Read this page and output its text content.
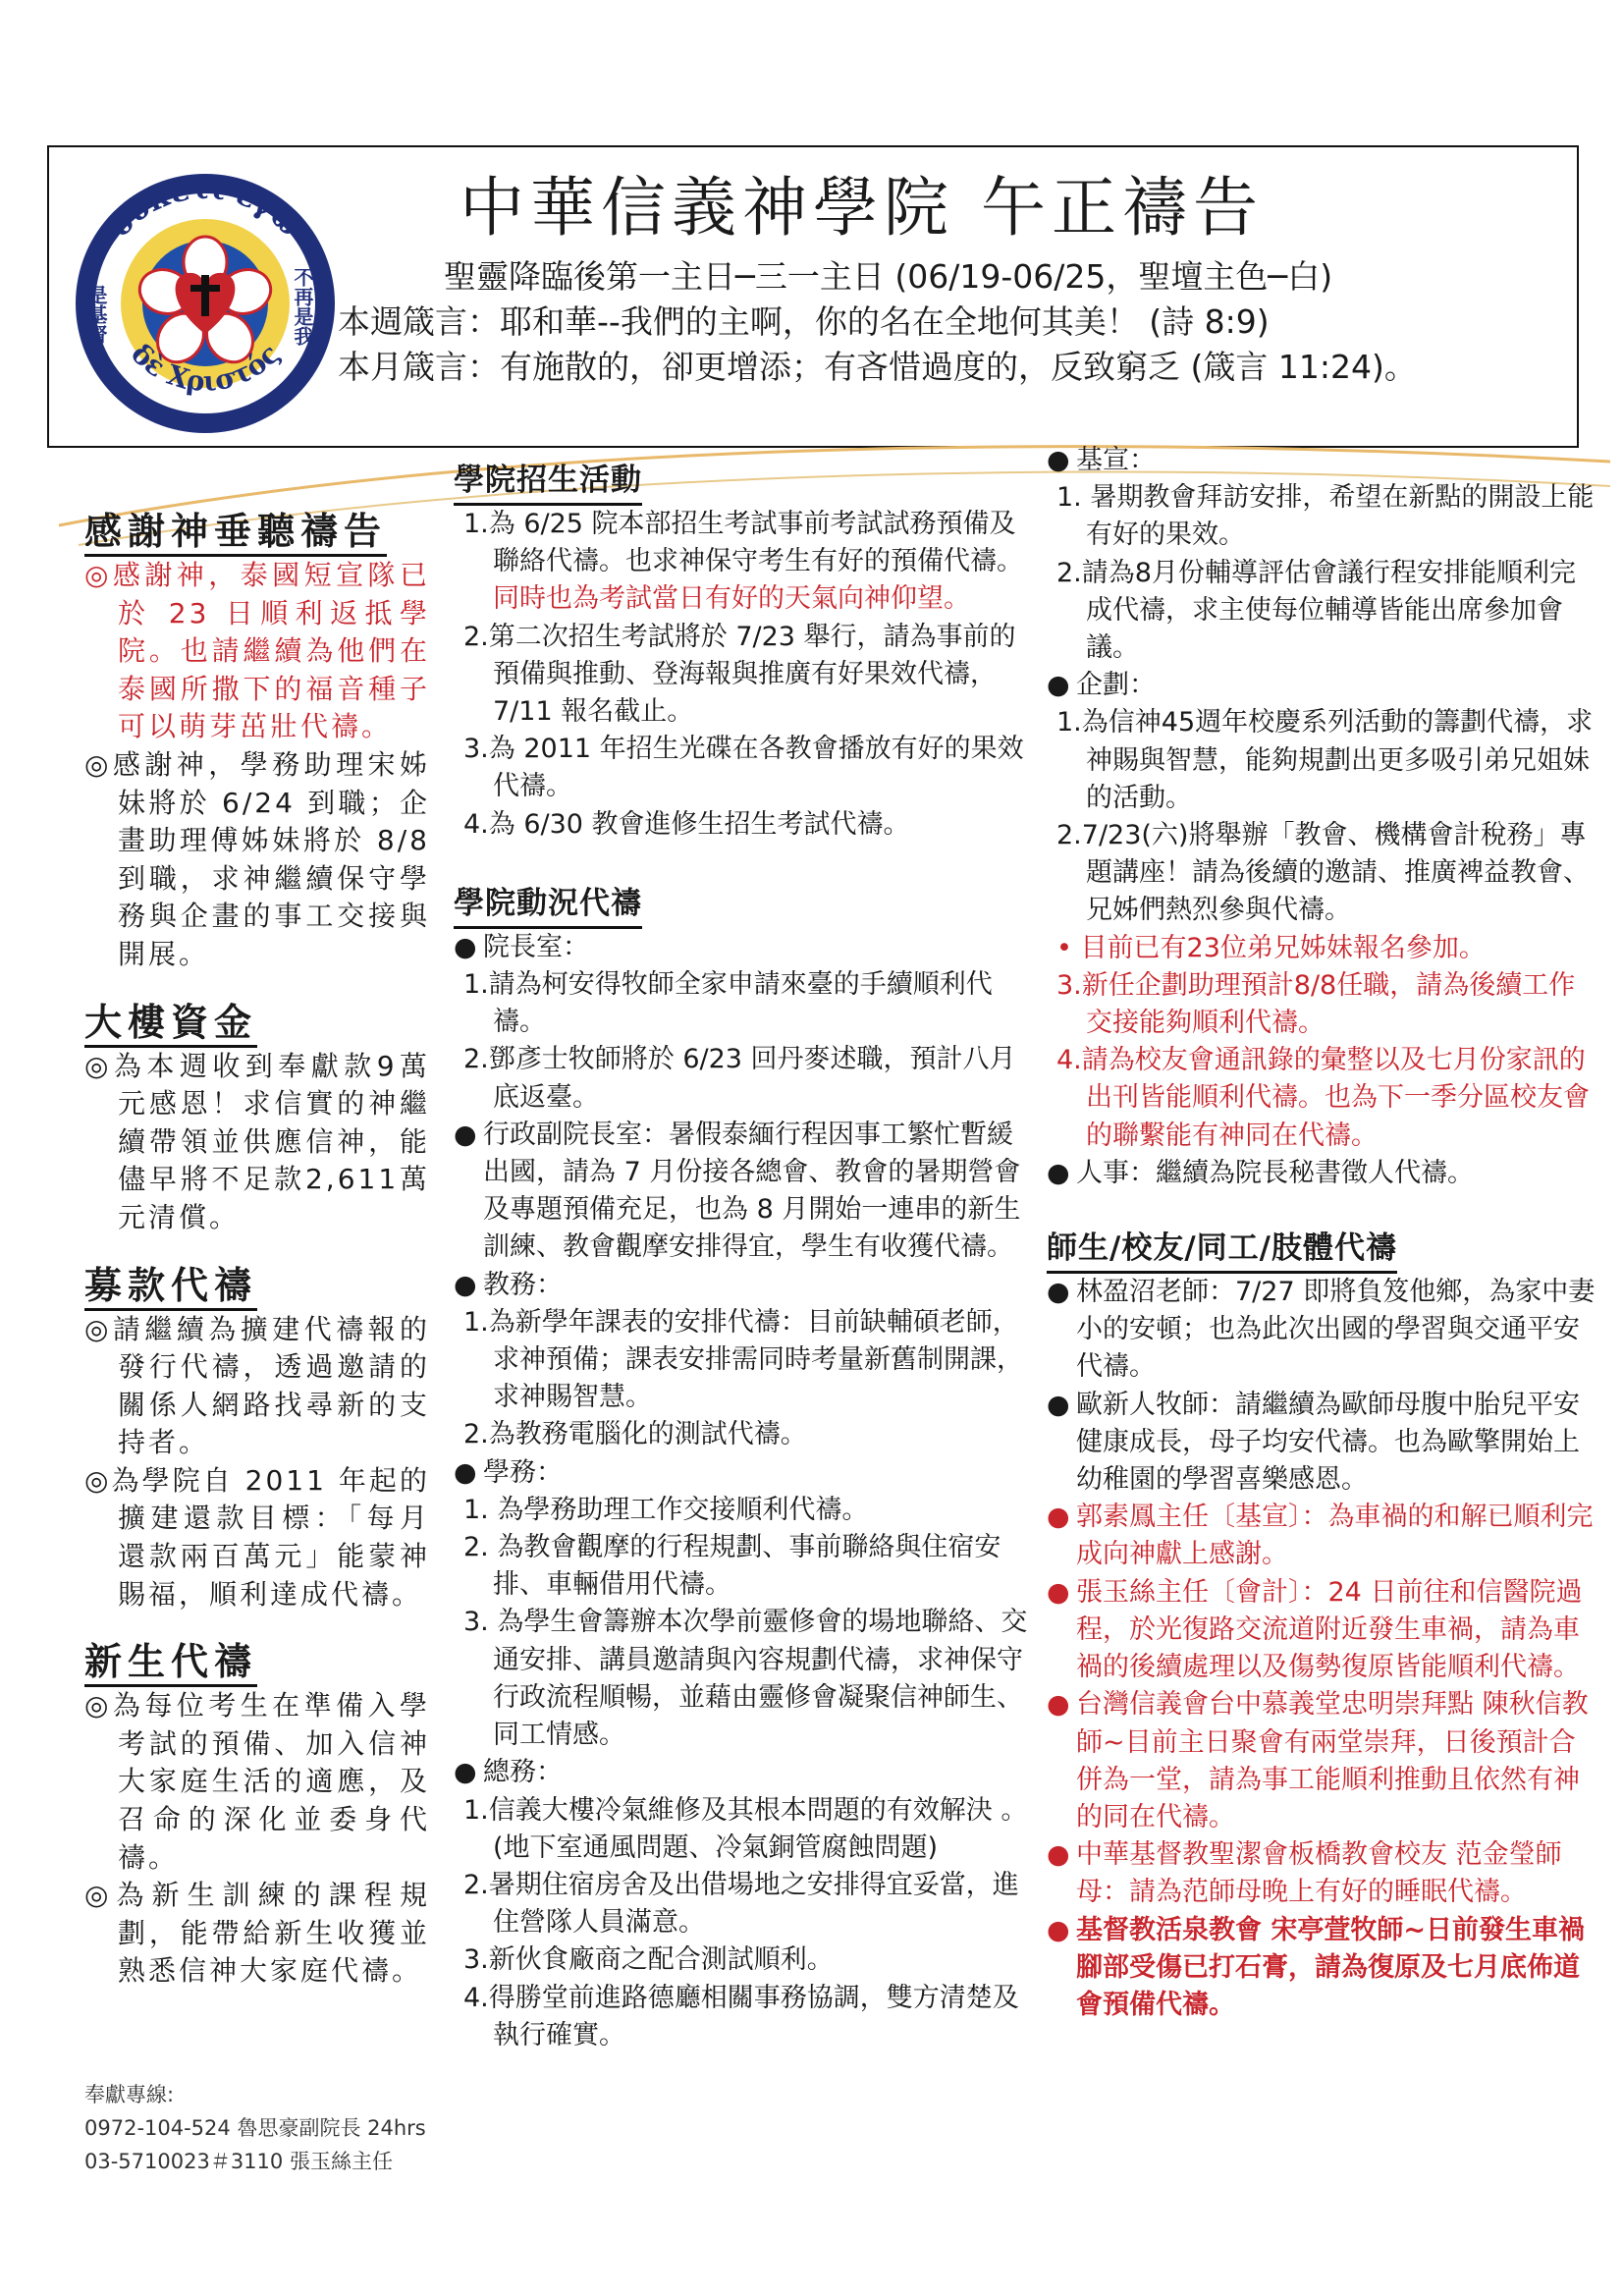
οὐκέτι ἐγὼ
δὲ Χριστός
是基督	不再是我
中華信義神學院 午正禱告
聖靈降臨後第一主日─三一主日 (06/19-06/25，聖壇主色─白)
本週箴言：耶和華--我們的主啊，你的名在全地何其美！ (詩 8:9)
本月箴言：有施散的，卻更增添；有吝惜過度的，反致窮乏 (箴言 11:24)。
感謝神垂聽禱告

◎感謝神，泰國短宣隊已於 23 日順利返抵學院。也請繼續為他們在泰國所撒下的福音種子可以萌芽茁壯代禱。

◎感謝神，學務助理宋姊妹將於 6/24 到職；企畫助理傅姊妹將於 8/8 到職，求神繼續保守學務與企畫的事工交接與開展。

大樓資金

◎為本週收到奉獻款9萬元感恩！求信實的神繼續帶領並供應信神，能儘早將不足款2,611萬元清償。

募款代禱

◎請繼續為擴建代禱報的發行代禱，透過邀請的關係人網路找尋新的支持者。

◎為學院自 2011 年起的擴建還款目標：「每月還款兩百萬元」能蒙神賜福，順利達成代禱。

新生代禱

◎為每位考生在準備入學考試的預備、加入信神大家庭生活的適應，及召命的深化並委身代禱。

◎為新生訓練的課程規劃，能帶給新生收獲並熟悉信神大家庭代禱。

奉獻專線:
0972-104-524 魯思豪副院長 24hrs
03-5710023＃3110 張玉絲主任
學院招生活動

1.為 6/25 院本部招生考試事前考試試務預備及聯絡代禱。也求神保守考生有好的預備代禱。同時也為考試當日有好的天氣向神仰望。

2.第二次招生考試將於 7/23 舉行，請為事前的預備與推動、登海報與推廣有好果效代禱，7/11 報名截止。

3.為 2011 年招生光碟在各教會播放有好的果效代禱。

4.為 6/30 教會進修生招生考試代禱。

學院動況代禱

● 院長室：

1.請為柯安得牧師全家申請來臺的手續順利代禱。

2.鄧彥士牧師將於 6/23 回丹麥述職，預計八月底返臺。

● 行政副院長室：暑假泰緬行程因事工繁忙暫緩出國，請為 7 月份接各總會、教會的暑期營會及專題預備充足，也為 8 月開始一連串的新生訓練、教會觀摩安排得宜，學生有收獲代禱。

● 教務：

1.為新學年課表的安排代禱：目前缺輔碩老師，求神預備；課表安排需同時考量新舊制開課，求神賜智慧。

2.為教務電腦化的測試代禱。

● 學務：

1. 為學務助理工作交接順利代禱。

2. 為教會觀摩的行程規劃、事前聯絡與住宿安排、車輛借用代禱。

3. 為學生會籌辦本次學前靈修會的場地聯絡、交通安排、講員邀請與內容規劃代禱，求神保守行政流程順暢，並藉由靈修會凝聚信神師生、同工情感。

● 總務：

1.信義大樓冷氣維修及其根本問題的有效解決 。(地下室通風問題、冷氣銅管腐蝕問題)

2.暑期住宿房舍及出借場地之安排得宜妥當，進住營隊人員滿意。

3.新伙食廠商之配合測試順利。

4.得勝堂前進路德廳相關事務協調，雙方清楚及執行確實。

● 基宣：

1. 暑期教會拜訪安排，希望在新點的開設上能有好的果效。

2.請為8月份輔導評估會議行程安排能順利完成代禱，求主使每位輔導皆能出席參加會議。

● 企劃：

1.為信神45週年校慶系列活動的籌劃代禱，求神賜與智慧，能夠規劃出更多吸引弟兄姐妹的活動。

2.7/23(六)將舉辦「教會、機構會計稅務」專題講座！請為後續的邀請、推廣裨益教會、兄姊們熱烈參與代禱。

• 目前已有23位弟兄姊妹報名參加。

3.新任企劃助理預計8/8任職，請為後續工作交接能夠順利代禱。

4.請為校友會通訊錄的彙整以及七月份家訊的出刊皆能順利代禱。也為下一季分區校友會的聯繫能有神同在代禱。

● 人事：繼續為院長秘書徵人代禱。

師生/校友/同工/肢體代禱

● 林盈沼老師：7/27 即將負笈他鄉，為家中妻小的安頓；也為此次出國的學習與交通平安代禱。

● 歐新人牧師：請繼續為歐師母腹中胎兒平安健康成長，母子均安代禱。也為歐擎開始上幼稚園的學習喜樂感恩。

● 郭素鳳主任〔基宣〕：為車禍的和解已順利完成向神獻上感謝。

● 張玉絲主任〔會計〕：24 日前往和信醫院過程，於光復路交流道附近發生車禍，請為車禍的後續處理以及傷勢復原皆能順利代禱。

● 台灣信義會台中慕義堂忠明崇拜點 陳秋信教師~目前主日聚會有兩堂崇拜，日後預計合併為一堂，請為事工能順利推動且依然有神的同在代禱。

● 中華基督教聖潔會板橋教會校友 范金瑩師母：請為范師母晚上有好的睡眠代禱。

● 基督教活泉教會 宋亭萱牧師~日前發生車禍腳部受傷已打石膏，請為復原及七月底佈道會預備代禱。
